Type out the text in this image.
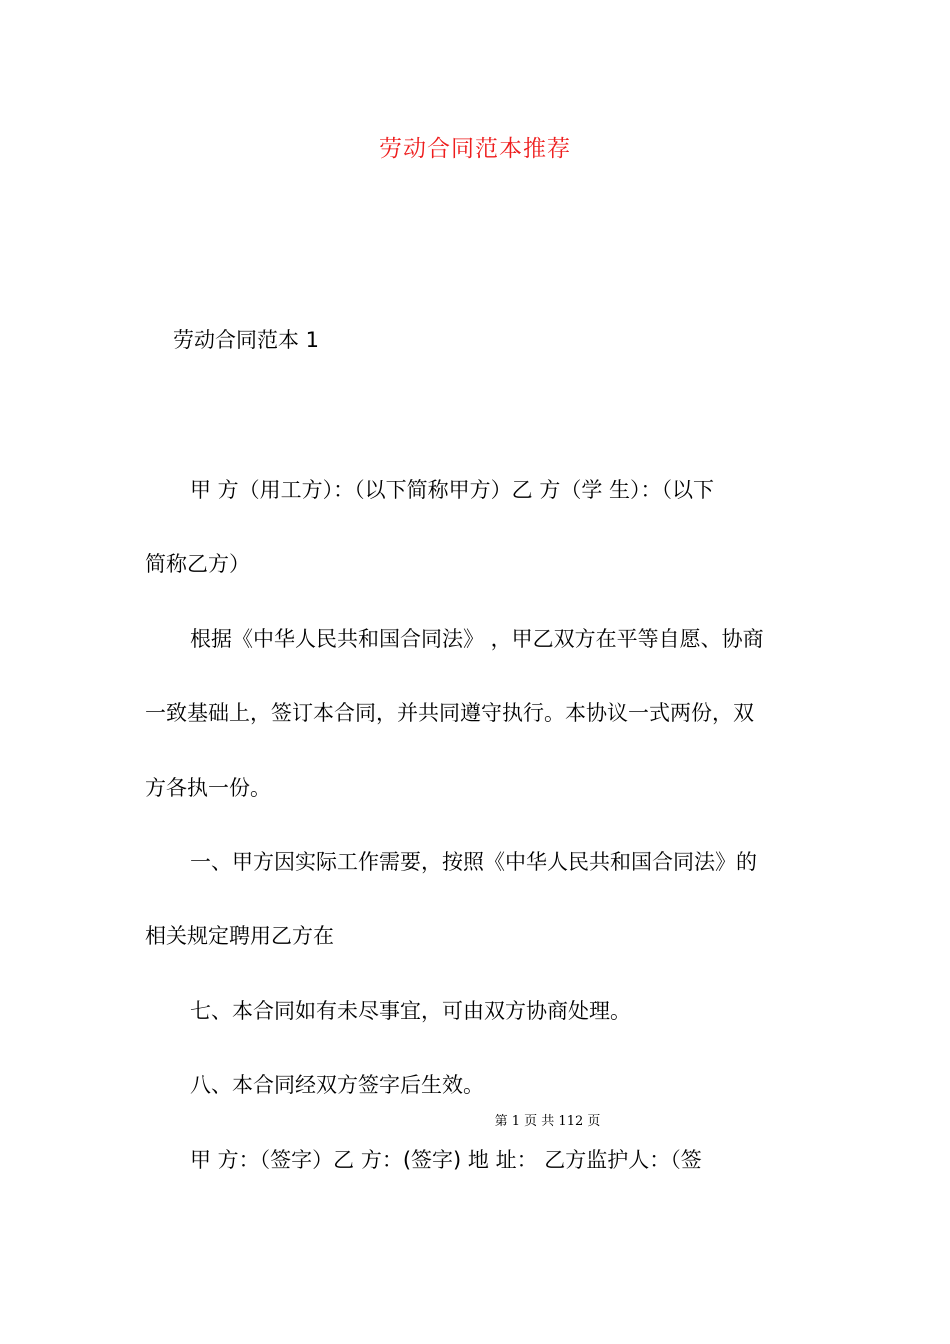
劳动合同范本推荐
劳动合同范本 1
甲 方（用工方）：（以下简称甲方）乙 方（学 生）：（以下
简称乙方）
根据《中华人民共和国合同法》 ，甲乙双方在平等自愿、协商
一致基础上，签订本合同，并共同遵守执行。本协议一式两份，双
方各执一份。
一、甲方因实际工作需要，按照《中华人民共和国合同法》的
相关规定聘用乙方在
七、本合同如有未尽事宜，可由双方协商处理。
八、本合同经双方签字后生效。
第 1 页 共 112 页
甲 方：（签字）乙 方：(签字) 地 址： 乙方监护人：（签
